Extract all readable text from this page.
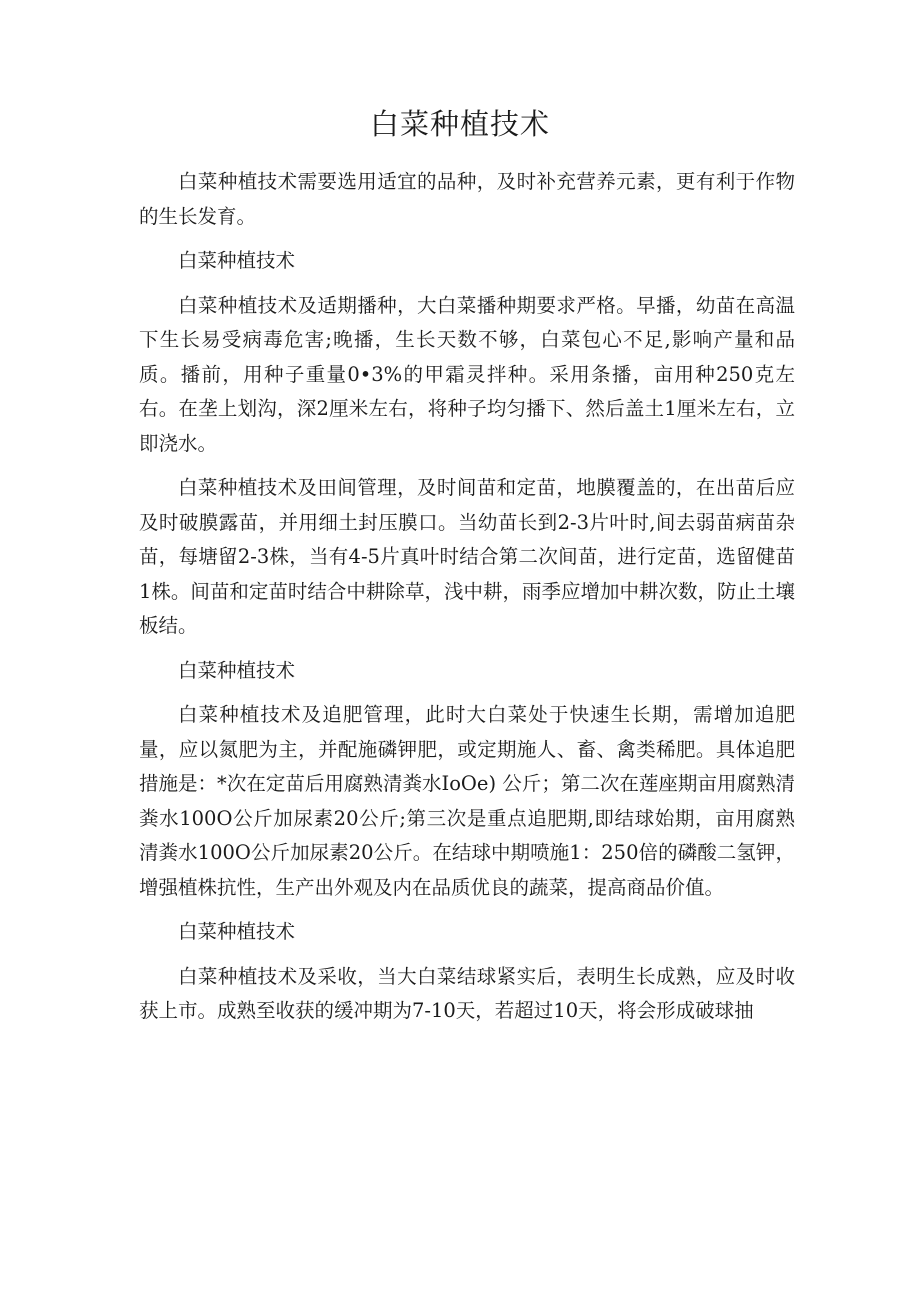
白菜种植技术

白菜种植技术需要选用适宜的品种，及时补充营养元素，更有利于作物的生长发育。

白菜种植技术

白菜种植技术及适期播种，大白菜播种期要求严格。早播，幼苗在高温下生长易受病毒危害;晚播，生长天数不够，白菜包心不足,影响产量和品质。播前，用种子重量0•3%的甲霜灵拌种。采用条播，亩用种250克左右。在垄上划沟，深2厘米左右，将种子均匀播下、然后盖土1厘米左右，立即浇水。

白菜种植技术及田间管理，及时间苗和定苗，地膜覆盖的，在出苗后应及时破膜露苗，并用细土封压膜口。当幼苗长到2-3片叶时,间去弱苗病苗杂苗，每塘留2-3株，当有4-5片真叶时结合第二次间苗，进行定苗，选留健苗1株。间苗和定苗时结合中耕除草，浅中耕，雨季应增加中耕次数，防止土壤板结。

白菜种植技术

白菜种植技术及追肥管理，此时大白菜处于快速生长期，需增加追肥量，应以氮肥为主，并配施磷钾肥，或定期施人、畜、禽类稀肥。具体追肥措施是：*次在定苗后用腐熟清粪水IoOe) 公斤；第二次在莲座期亩用腐熟清粪水100O公斤加尿素20公斤;第三次是重点追肥期,即结球始期，亩用腐熟清粪水100O公斤加尿素20公斤。在结球中期喷施1：250倍的磷酸二氢钾，增强植株抗性，生产出外观及内在品质优良的蔬菜，提高商品价值。

白菜种植技术

白菜种植技术及采收，当大白菜结球紧实后，表明生长成熟，应及时收获上市。成熟至收获的缓冲期为7-10天，若超过10天，将会形成破球抽
